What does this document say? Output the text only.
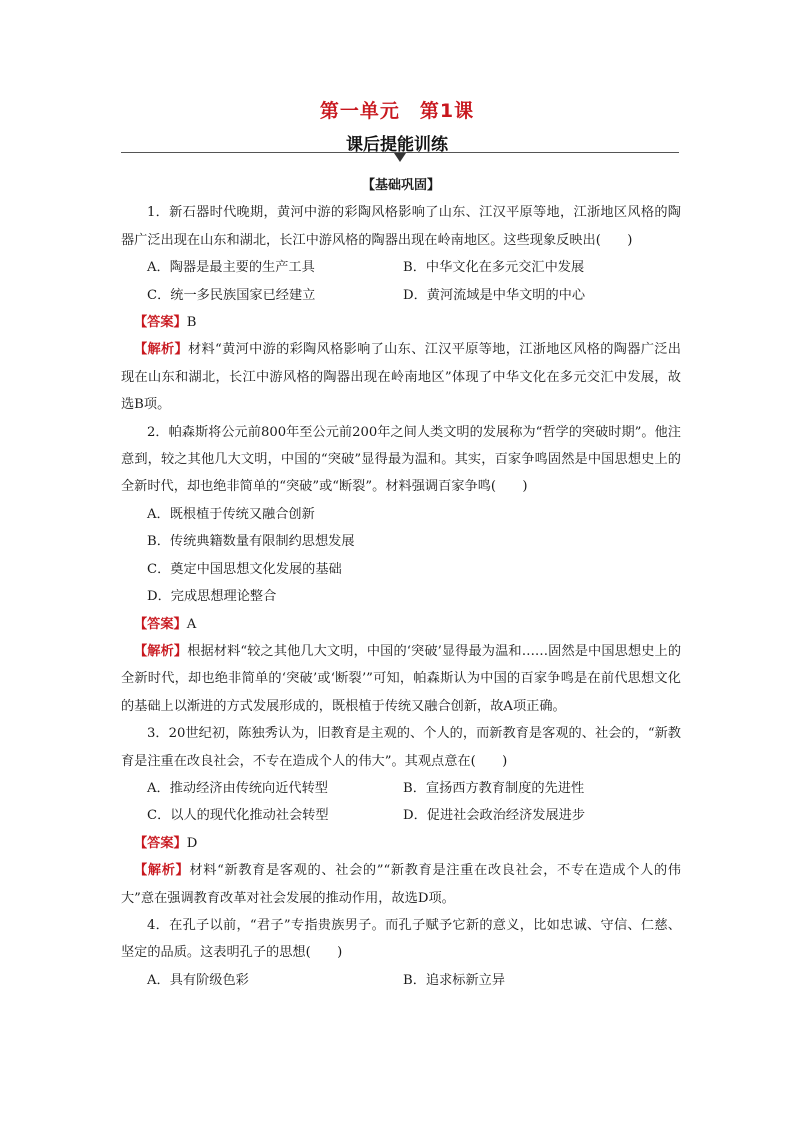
第一单元　第1课
课后提能训练

【基础巩固】

1．新石器时代晚期，黄河中游的彩陶风格影响了山东、江汉平原等地，江浙地区风格的陶器广泛出现在山东和湖北，长江中游风格的陶器出现在岭南地区。这些现象反映出(　　)

A．陶器是最主要的生产工具	B．中华文化在多元交汇中发展
C．统一多民族国家已经建立	D．黄河流域是中华文明的中心

【答案】B

【解析】材料“黄河中游的彩陶风格影响了山东、江汉平原等地，江浙地区风格的陶器广泛出现在山东和湖北，长江中游风格的陶器出现在岭南地区”体现了中华文化在多元交汇中发展，故选B项。

2．帕森斯将公元前800年至公元前200年之间人类文明的发展称为“哲学的突破时期”。他注意到，较之其他几大文明，中国的“突破”显得最为温和。其实，百家争鸣固然是中国思想史上的全新时代，却也绝非简单的“突破”或“断裂”。材料强调百家争鸣(　　)

A．既根植于传统又融合创新

B．传统典籍数量有限制约思想发展

C．奠定中国思想文化发展的基础

D．完成思想理论整合

【答案】A

【解析】根据材料“较之其他几大文明，中国的‘突破’显得最为温和……固然是中国思想史上的全新时代，却也绝非简单的‘突破’或‘断裂’”可知，帕森斯认为中国的百家争鸣是在前代思想文化的基础上以渐进的方式发展形成的，既根植于传统又融合创新，故A项正确。

3．20世纪初，陈独秀认为，旧教育是主观的、个人的，而新教育是客观的、社会的，“新教育是注重在改良社会，不专在造成个人的伟大”。其观点意在(　　)

A．推动经济由传统向近代转型	B．宣扬西方教育制度的先进性
C．以人的现代化推动社会转型	D．促进社会政治经济发展进步

【答案】D

【解析】材料“新教育是客观的、社会的”“新教育是注重在改良社会，不专在造成个人的伟大”意在强调教育改革对社会发展的推动作用，故选D项。

4．在孔子以前，“君子”专指贵族男子。而孔子赋予它新的意义，比如忠诚、守信、仁慈、坚定的品质。这表明孔子的思想(　　)

A．具有阶级色彩	B．追求标新立异
